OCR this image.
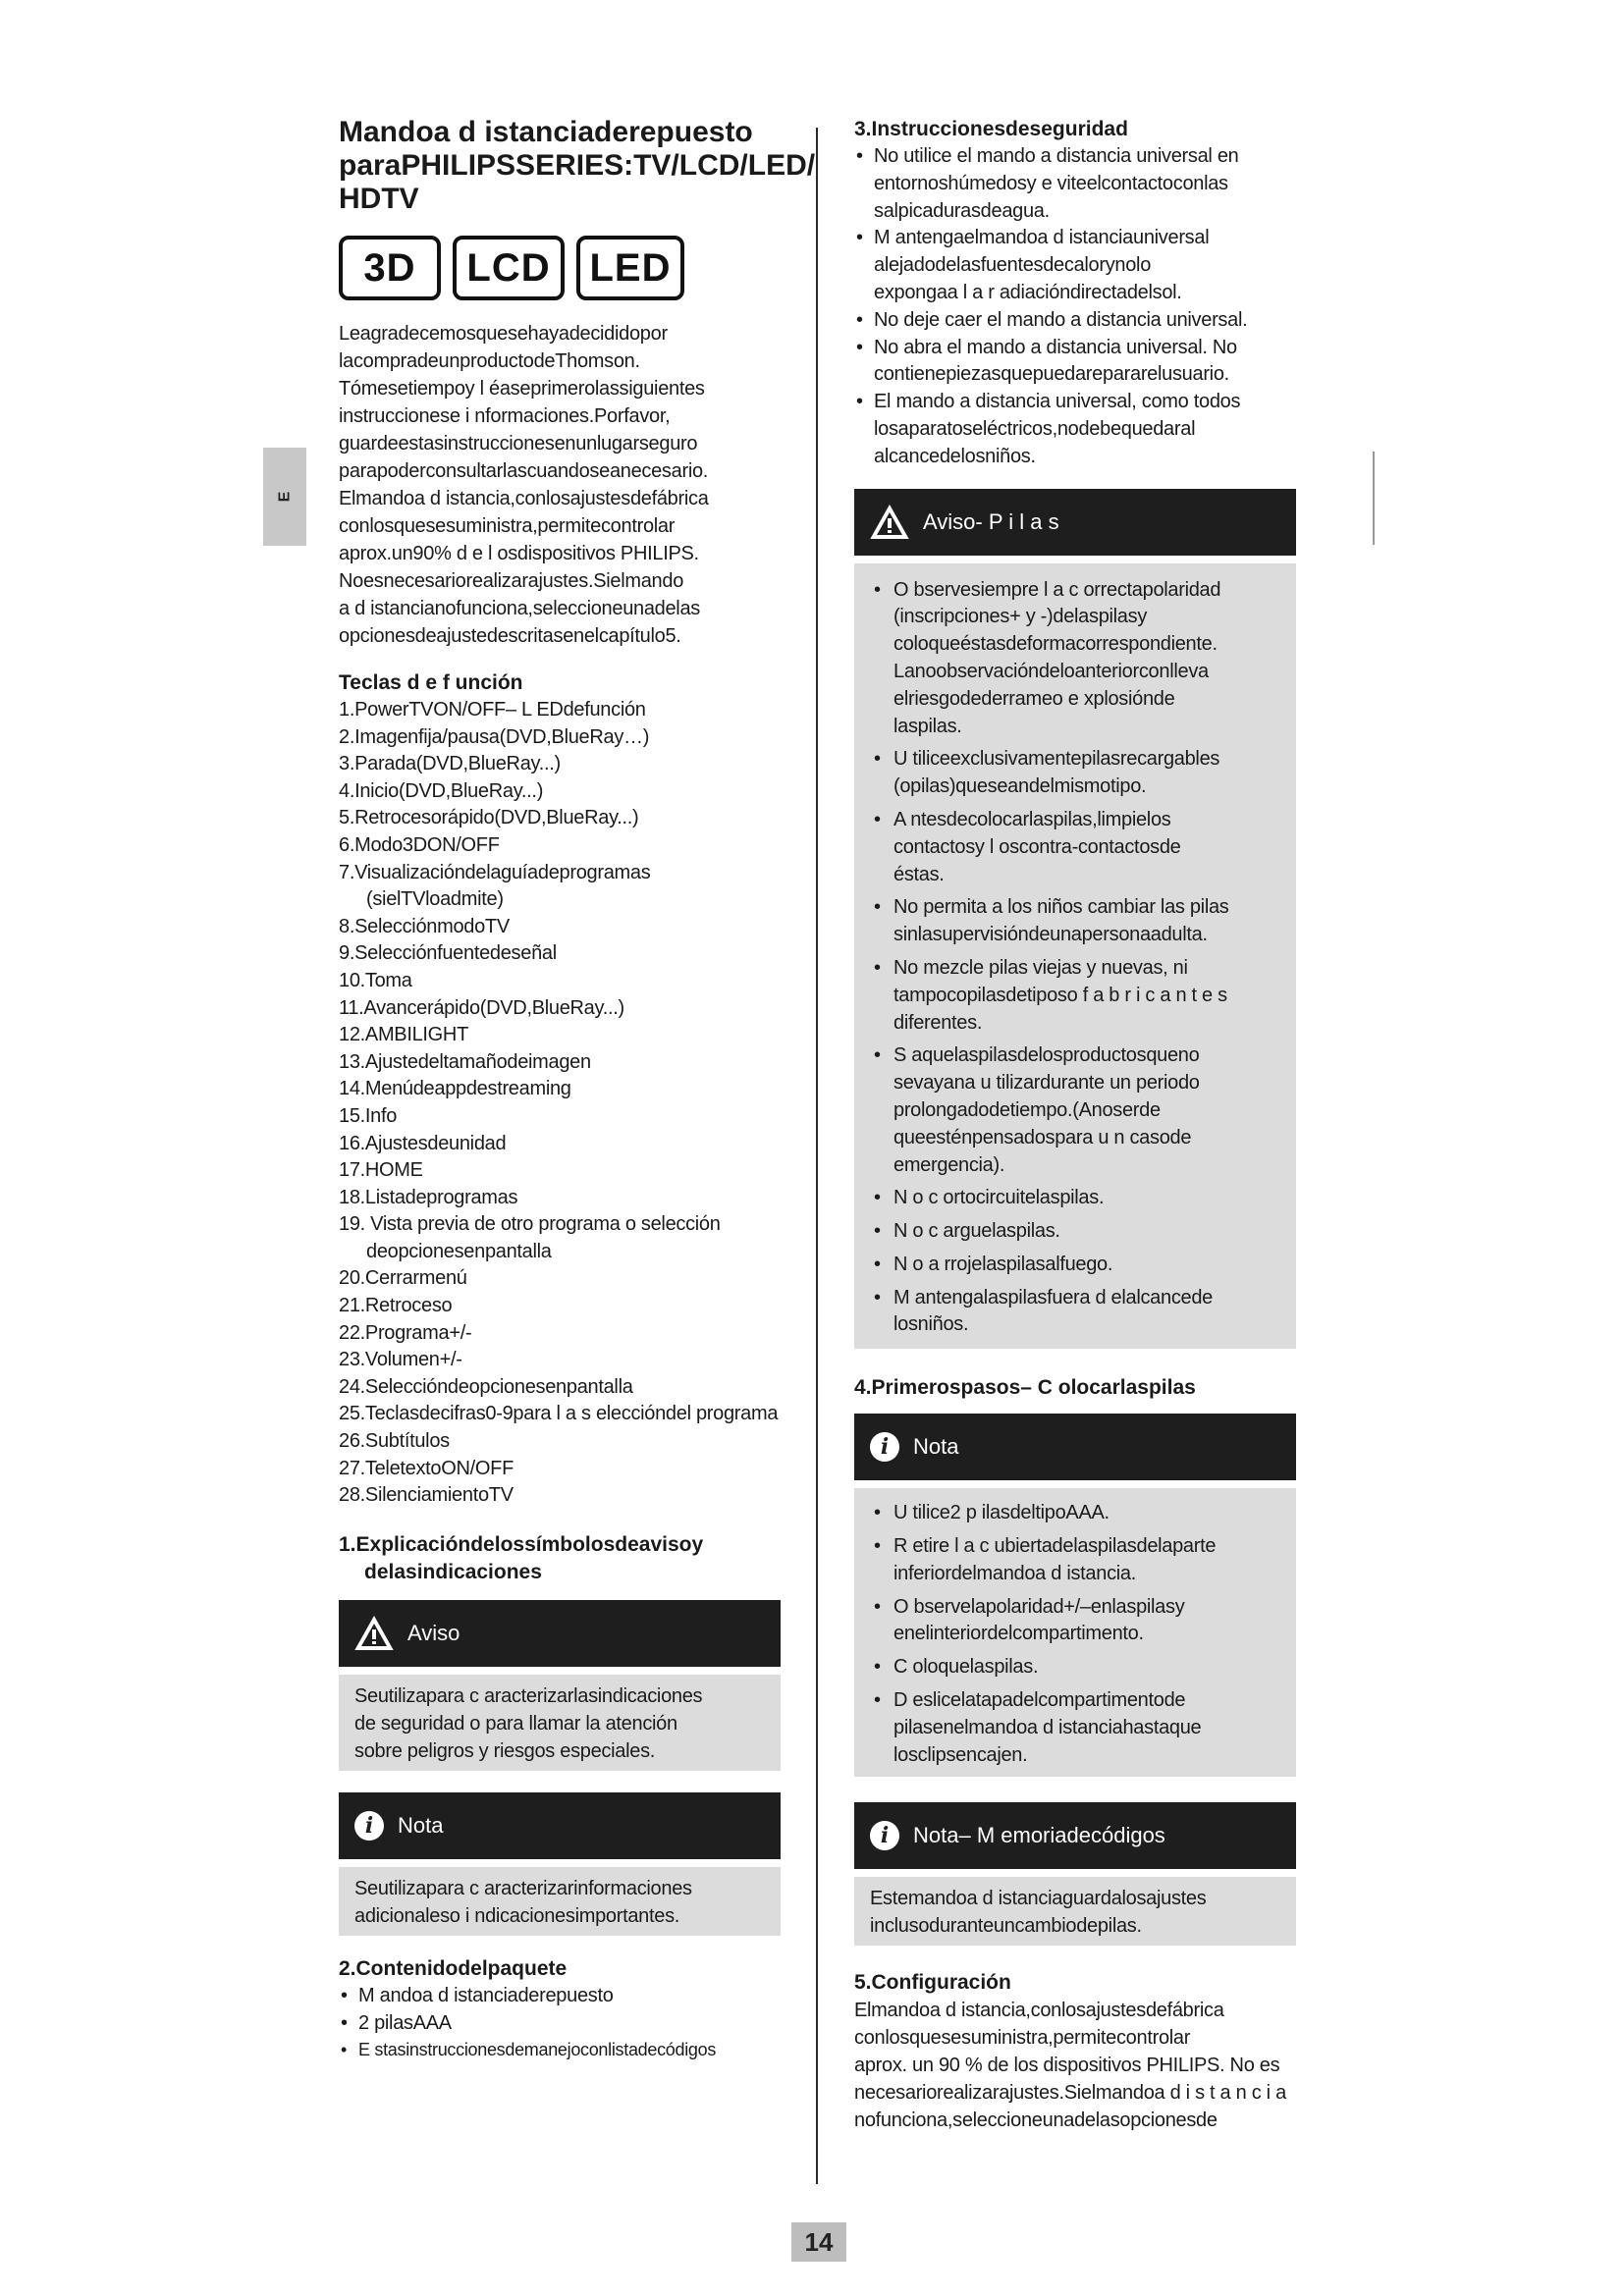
E
Mandoa d istanciaderepuesto
paraPHILIPSSERIES:TV/LCD/LED/
HDTV
3D	LCD LED

Leagradecemosquesehayadecididopor

lacompradeunproductodeThomson.

Tómesetiempoy l éaseprimerolassiguientes

instruccionese i nformaciones.Porfavor,

guardeestasinstruccionesenunlugarseguro

parapoderconsultarlascuandoseanecesario.

Elmandoa d istancia,conlosajustesdefábrica

conlosquesesuministra,permitecontrolar

aprox.un90% d e l osdispositivos PHILIPS.

Noesnecesariorealizarajustes.Sielmando

a d istancianofunciona,seleccioneunadelas

opcionesdeajustedescritasenelcapítulo5.

Teclas d e f unción
1.PowerTVON/OFF– L EDdefunción
2.Imagenfija/pausa(DVD,BlueRay…)
3.Parada(DVD,BlueRay...)
4.Inicio(DVD,BlueRay...)
5.Retrocesorápido(DVD,BlueRay...)
6.Modo3DON/OFF
7.Visualizacióndelaguíadeprogramas (sielTVloadmite)
8.SelecciónmodoTV
9.Selecciónfuentedeseñal
10.Toma
11.Avancerápido(DVD,BlueRay...)
12.AMBILIGHT
13.Ajustedeltamañodeimagen
14.Menúdeappdestreaming
15.Info
16.Ajustesdeunidad
17.HOME
18.Listadeprogramas
19. Vista previa de otro programa o selección deopcionesenpantalla
20.Cerrarmenú
21.Retroceso
22.Programa+/-
23.Volumen+/-
24.Seleccióndeopcionesenpantalla
25.Teclasdecifras0-9para l a s eleccióndel programa
26.Subtítulos
27.TeletextoON/OFF
28.SilenciamientoTV
1.Explicacióndelossímbolosdeavisoy
delasindicaciones
Aviso

Seutilizapara c aracterizarlasindicaciones

de seguridad o para llamar la atención

sobre peligros y riesgos especiales.

i	Nota

Seutilizapara c aracterizarinformaciones

adicionaleso i ndicacionesimportantes.

2.Contenidodelpaquete
• M andoa d istanciaderepuesto
• 2 pilasAAA
• E stasinstruccionesdemanejoconlistadecódigos
3.Instruccionesdeseguridad
• No utilice el mando a distancia universal en
entornoshúmedosy e viteelcontactoconlas
salpicadurasdeagua.
• M antengaelmandoa d istanciauniversal
alejadodelasfuentesdecalorynolo
expongaa l a r adiacióndirectadelsol.
• No deje caer el mando a distancia universal.
• No abra el mando a distancia universal. No
contienepiezasquepuedarepararelusuario.
• El mando a distancia universal, como todos
losaparatoseléctricos,nodebequedaral
alcancedelosniños.
Aviso- P i l a s
• O bservesiempre l a c orrectapolaridad
(inscripciones+ y -)delaspilasy
coloqueéstasdeformacorrespondiente.
Lanoobservacióndeloanteriorconlleva
elriesgodederrameo e xplosiónde
laspilas.
• U tiliceexclusivamentepilasrecargables
(opilas)queseandelmismotipo.
• A ntesdecolocarlaspilas,limpielos
contactosy l oscontra-contactosde
éstas.
• No permita a los niños cambiar las pilas
sinlasupervisióndeunapersonaadulta.
• No mezcle pilas viejas y nuevas, ni
tampocopilasdetiposo f a b r i c a n t e s
diferentes.
• S aquelaspilasdelosproductosqueno
sevayana u tilizardurante un periodo
prolongadodetiempo.(Anoserde
queesténpensadospara u n casode
emergencia).
• N o c ortocircuitelaspilas.
• N o c arguelaspilas.
• N o a rrojelaspilasalfuego.
• M antengalaspilasfuera d elalcancede
losniños.
4.Primerospasos– C olocarlaspilas
i	Nota
• U tilice2 p ilasdeltipoAAA.
• R etire l a c ubiertadelaspilasdelaparte
inferiordelmandoa d istancia.
• O bservelapolaridad+/–enlaspilasy
enelinteriordelcompartimento.
• C oloquelaspilas.
• D eslicelatapadelcompartimentode
pilasenelmandoa d istanciahastaque
losclipsencajen.
i	Nota– M emoriadecódigos

Estemandoa d istanciaguardalosajustes

inclusoduranteuncambiodepilas.

5.Configuración

Elmandoa d istancia,conlosajustesdefábrica

conlosquesesuministra,permitecontrolar

aprox. un 90 % de los dispositivos PHILIPS. No es

necesariorealizarajustes.Sielmandoa d i s t a n c i a

nofunciona,seleccioneunadelasopcionesde

14
